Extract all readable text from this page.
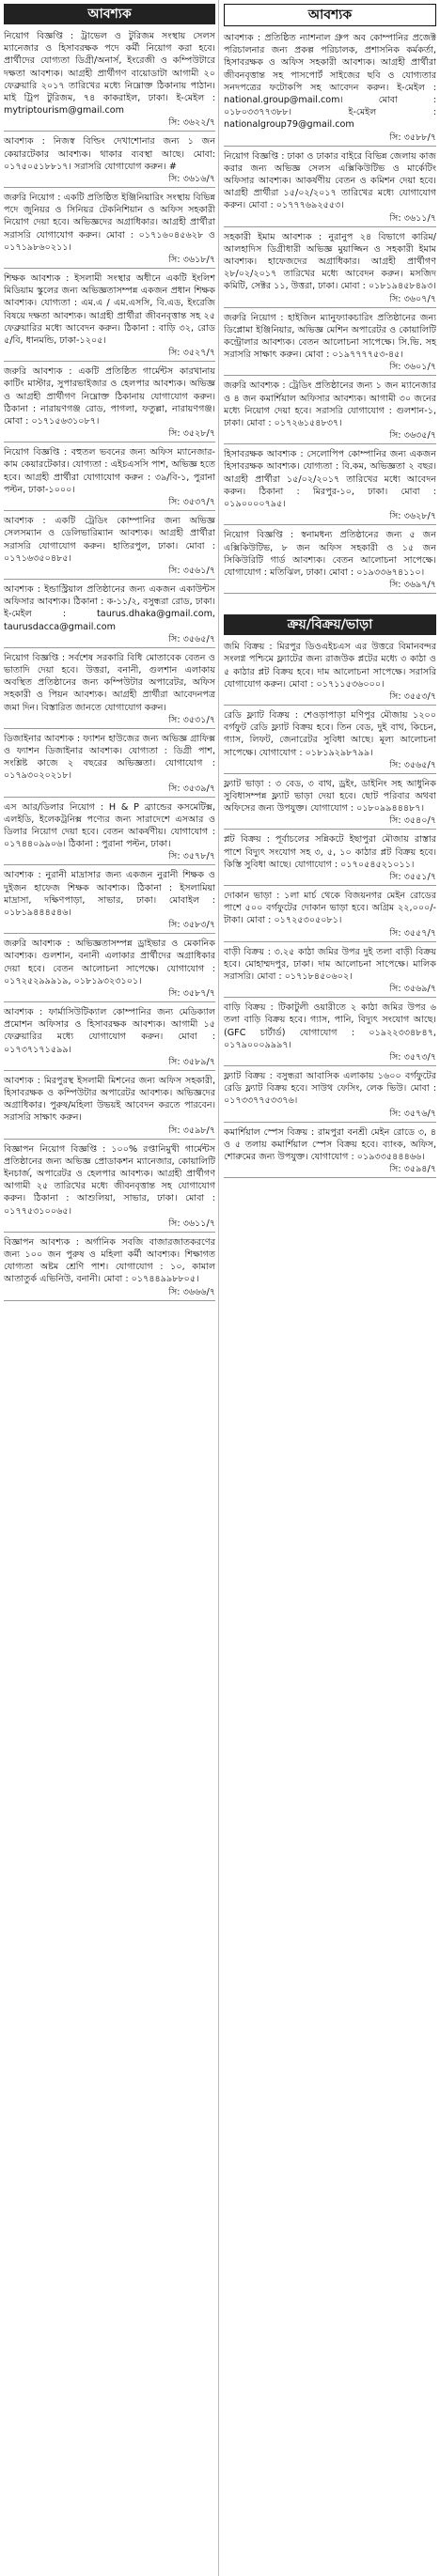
আবশ্যক
নিয়োগ বিজ্ঞপ্তি : ট্রাভেল ও টুরিজম সংস্থায় সেলস ম্যানেজার ও হিসাবরক্ষক পদে কর্মী নিয়োগ করা হবে। প্রার্থীদের যোগ্যতা ডিগ্রী/অনার্স, ইংরেজী ও কম্পিউটারে দক্ষতা আবশ্যক। আগ্রহী প্রার্থীগণ বায়োডাটা আগামী ২০ ফেব্রুয়ারি ২০১৭ তারিখের মধ্যে নিম্নোক্ত ঠিকানায় পাঠান। মাই ট্রিপ টুরিজম, ৭৪ কাকরাইল, ঢাকা। ই-মেইল : mytriptourism@gmail.com
সি: ৩৬২২/৭
আবশ্যক : নিজস্ব বিল্ডিং দেখাশোনার জন্য ১ জন কেয়ারটেকার আবশ্যক। থাকার ব্যবস্থা আছে। মোবা: ০১৭৫০৫১৮৮১৭। সরাসরি যোগাযোগ করুন। #
সি: ৩৬১৬/৭
জরুরি নিয়োগ : একটি প্রতিষ্ঠিত ইঞ্জিনিয়ারিং সংস্থায় বিভিন্ন পদে জুনিয়র ও সিনিয়র টেকনিশিয়ান ও অফিস সহকারী নিয়োগ দেয়া হবে। অভিজ্ঞদের অগ্রাধিকার। আগ্রহী প্রার্থীরা সরাসরি যোগাযোগ করুন। মোবা : ০১৭১৬০৪৫৬২৮ ও ০১৭১৯৮৬০২১১।
সি: ৩৬১৮/৭
শিক্ষক আবশ্যক : ইসলামী সংস্থার অধীনে একটি ইংলিশ মিডিয়াম স্কুলের জন্য অভিজ্ঞতাসম্পন্ন একজন প্রধান শিক্ষক আবশ্যক। যোগ্যতা : এম.এ / এম.এসসি, বি.এড, ইংরেজি বিষয়ে দক্ষতা আবশ্যক। আগ্রহী প্রার্থীরা জীবনবৃত্তান্ত সহ ২৫ ফেব্রুয়ারির মধ্যে আবেদন করুন। ঠিকানা : বাড়ি ৩২, রোড ৫/বি, ধানমন্ডি, ঢাকা-১২০৫।
সি: ৩৫২৭/৭
জরুরি আবশ্যক : একটি প্রতিষ্ঠিত গার্মেন্টস কারখানায় কাটিং মাস্টার, সুপারভাইজার ও হেলপার আবশ্যক। অভিজ্ঞ ও আগ্রহী প্রার্থীগণ নিম্নোক্ত ঠিকানায় যোগাযোগ করুন। ঠিকানা : নারায়ণগঞ্জ রোড, পাগলা, ফতুল্লা, নারায়ণগঞ্জ। মোবা : ০১৭১৫৬৩১০৮৭।
সি: ৩৫২৮/৭
নিয়োগ বিজ্ঞপ্তি : বহুতল ভবনের জন্য অফিস ম্যানেজার-কাম কেয়ারটেকার। যোগ্যতা : এইচএসসি পাশ, অভিজ্ঞ হতে হবে। আগ্রহী প্রার্থীরা যোগাযোগ করুন : ৩৯/বি-১, পুরানা পল্টন, ঢাকা-১০০০।
সি: ৩৫৩৭/৭
আবশ্যক : একটি ট্রেডিং কোম্পানির জন্য অভিজ্ঞ সেলসম্যান ও ডেলিভারিম্যান আবশ্যক। আগ্রহী প্রার্থীরা সরাসরি যোগাযোগ করুন। হাতিরপুল, ঢাকা। মোবা : ০১৭১৬৩৫০৪৮৫।
সি: ৩৫৬১/৭
আবশ্যক : ইন্ডাস্ট্রিয়াল প্রতিষ্ঠানের জন্য একজন একাউন্টস অফিসার আবশ্যক। ঠিকানা : ক-১১/২, বসুন্ধরা রোড, ঢাকা। ই-মেইল : taurus.dhaka@gmail.com, taurusdacca@gmail.com
সি: ৩৫৬৫/৭
নিয়োগ বিজ্ঞপ্তি : সর্বশেষ সরকারি বিধি মোতাবেক বেতন ও ভাতাদি দেয়া হবে। উত্তরা, বনানী, গুলশান এলাকায় অবস্থিত প্রতিষ্ঠানের জন্য কম্পিউটার অপারেটর, অফিস সহকারী ও পিয়ন আবশ্যক। আগ্রহী প্রার্থীরা আবেদনপত্র জমা দিন। বিস্তারিত জানতে যোগাযোগ করুন।
সি: ৩৫৩১/৭
ডিজাইনার আবশ্যক : ফ্যাশন হাউজের জন্য অভিজ্ঞ গ্রাফিক্স ও ফ্যাশন ডিজাইনার আবশ্যক। যোগ্যতা : ডিগ্রী পাশ, সংশ্লিষ্ট কাজে ২ বছরের অভিজ্ঞতা। যোগাযোগ : ০১৭৯৩০২০২১৮।
সি: ৩৫৩৯/৭
এস আর/ডিলার নিয়োগ : H & P ব্র্যান্ডের কসমেটিক্স, এলইডি, ইলেকট্রনিক্স পণ্যের জন্য সারাদেশে এসআর ও ডিলার নিয়োগ দেয়া হবে। বেতন আকর্ষণীয়। যোগাযোগ : ০১৭৪৪০৯৯০৬। ঠিকানা : পুরানা পল্টন, ঢাকা।
সি: ৩৫৭৮/৭
আবশ্যক : নুরানী মাদ্রাসার জন্য একজন নুরানী শিক্ষক ও দুইজন হাফেজ শিক্ষক আবশ্যক। ঠিকানা : ইসলামিয়া মাদ্রাসা, দক্ষিণপাড়া, সাভার, ঢাকা। মোবাইল : ০১৮১৯৪৪৪৫৪৬।
সি: ৩৫৮৩/৭
জরুরি আবশ্যক : অভিজ্ঞতাসম্পন্ন ড্রাইভার ও মেকানিক আবশ্যক। গুলশান, বনানী এলাকার প্রার্থীদের অগ্রাধিকার দেয়া হবে। বেতন আলোচনা সাপেক্ষে। যোগাযোগ : ০১৭২৫২৯৯৯১৯, ০১৮১৯৩২৩১০১।
সি: ৩৫৮৭/৭
আবশ্যক : ফার্মাসিউটিক্যাল কোম্পানির জন্য মেডিক্যাল প্রমোশন অফিসার ও হিসাবরক্ষক আবশ্যক। আগামী ১৫ ফেব্রুয়ারির মধ্যে যোগাযোগ করুন। মোবা : ০১৭৩৭১৭১৫৯৯।
সি: ৩৫৮৯/৭
আবশ্যক : মিরপুরস্থ ইসলামী মিশনের জন্য অফিস সহকারী, হিসাবরক্ষক ও কম্পিউটার অপারেটর আবশ্যক। অভিজ্ঞদের অগ্রাধিকার। পুরুষ/মহিলা উভয়ই আবেদন করতে পারবেন। সরাসরি সাক্ষাৎ করুন।
সি: ৩৫৯৮/৭
বিজ্ঞাপন নিয়োগ বিজ্ঞপ্তি : ১০০% রপ্তানিমুখী গার্মেন্টস প্রতিষ্ঠানের জন্য অভিজ্ঞ প্রোডাকশন ম্যানেজার, কোয়ালিটি ইনচার্জ, অপারেটর ও হেলপার আবশ্যক। আগ্রহী প্রার্থীগণ আগামী ২৫ তারিখের মধ্যে জীবনবৃত্তান্ত সহ যোগাযোগ করুন। ঠিকানা : আশুলিয়া, সাভার, ঢাকা। মোবা : ০১৭৭৫৩১০০৬৫।
সি: ৩৬১১/৭
বিজ্ঞাপন আবশ্যক : অর্গানিক সবজি বাজারজাতকরণের জন্য ১০০ জন পুরুষ ও মহিলা কর্মী আবশ্যক। শিক্ষাগত যোগ্যতা অষ্টম শ্রেণি পাশ। যোগাযোগ : ১০, কামাল আতাতুর্ক এভিনিউ, বনানী। মোবা : ০১৭৪৪৯৯৮৮০৫।
সি: ৩৬৬৬/৭
আবশ্যক
আবশ্যক : প্রতিষ্ঠিত ন্যাশনাল গ্রুপ অব কোম্পানির প্রজেক্ট পরিচালনার জন্য প্রকল্প পরিচালক, প্রশাসনিক কর্মকর্তা, হিসাবরক্ষক ও অফিস সহকারী আবশ্যক। আগ্রহী প্রার্থীরা জীবনবৃত্তান্ত সহ পাসপোর্ট সাইজের ছবি ও যোগ্যতার সনদপত্রের ফটোকপি সহ আবেদন করুন। ই-মেইল : national.group@mail.com। মোবা : ০১৮০৩৩৭৭৩৮৮। ই-মেইল : nationalgroup79@gmail.com
সি: ৩৫৮৮/৭
নিয়োগ বিজ্ঞপ্তি : ঢাকা ও ঢাকার বাইরে বিভিন্ন জেলায় কাজ করার জন্য অভিজ্ঞ সেলস এক্সিকিউটিভ ও মার্কেটিং অফিসার আবশ্যক। আকর্ষণীয় বেতন ও কমিশন দেয়া হবে। আগ্রহী প্রার্থীরা ১৫/০২/২০১৭ তারিখের মধ্যে যোগাযোগ করুন। মোবা : ০১৭৭৭৬৯২৫৫৩।
সি: ৩৬১১/৭
সহকারী ইমাম আবশ্যক : নুরানুপ ২৪ বিভাগে কারিম/আলহাদিস ডিগ্রীধারী অভিজ্ঞ মুয়াজ্জিন ও সহকারী ইমাম আবশ্যক। হাফেজদের অগ্রাধিকার। আগ্রহী প্রার্থীগণ ২৮/০২/২০১৭ তারিখের মধ্যে আবেদন করুন। মসজিদ কমিটি, সেক্টর ১১, উত্তরা, ঢাকা। মোবা : ০১৮১৯৪৫৮৪৯৩।
সি: ৩৬০৭/৭
জরুরি নিয়োগ : হাইজিন ম্যানুফ্যাকচারিং প্রতিষ্ঠানের জন্য ডিপ্লোমা ইঞ্জিনিয়ার, অভিজ্ঞ মেশিন অপারেটর ও কোয়ালিটি কন্ট্রোলার আবশ্যক। বেতন আলোচনা সাপেক্ষে। সি.ভি. সহ সরাসরি সাক্ষাৎ করুন। মোবা : ০১৯৭৭৭৭৫৩-৪৫।
সি: ৩৬০১/৭
জরুরি আবশ্যক : ট্রেডিং প্রতিষ্ঠানের জন্য ১ জন ম্যানেজার ও ৪ জন কমার্শিয়াল অফিসার আবশ্যক। আগামী ৩০ জনের মধ্যে নিয়োগ দেয়া হবে। সরাসরি যোগাযোগ : গুলশান-১, ঢাকা। মোবা : ০১৭২৬১৫৪৮৩৭।
সি: ৩৬৩৫/৭
হিসাবরক্ষক আবশ্যক : সেলোপিপ কোম্পানির জন্য একজন হিসাবরক্ষক আবশ্যক। যোগ্যতা : বি.কম, অভিজ্ঞতা ২ বছর। আগ্রহী প্রার্থীরা ১৫/০২/২০১৭ তারিখের মধ্যে আবেদন করুন। ঠিকানা : মিরপুর-১০, ঢাকা। মোবা : ০১৯০০০০৭৯৫।
সি: ৩৬২৮/৭
নিয়োগ বিজ্ঞপ্তি : স্বনামধন্য প্রতিষ্ঠানের জন্য ৫ জন এক্সিকিউটিভ, ৮ জন অফিস সহকারী ও ১৫ জন সিকিউরিটি গার্ড আবশ্যক। বেতন আলোচনা সাপেক্ষে। যোগাযোগ : মতিঝিল, ঢাকা। মোবা : ০১৯৩৩৬৭৪১১০।
সি: ৩৬৯৭/৭
ক্রয়/বিক্রয়/ভাড়া
জমি বিক্রয় : মিরপুর ডিওএইচএস এর উত্তরে বিমানবন্দর সংলগ্ন পশ্চিমে ফ্ল্যাটের জন্য রাজউক প্লটের মধ্যে ৩ কাঠা ও ৫ কাঠার প্লট বিক্রয় হবে। দাম আলোচনা সাপেক্ষে। সরাসরি যোগাযোগ করুন। মোবা : ০১৭১১৫৩৬০০০।
সি: ৩৫৫৩/৭
রেডি ফ্ল্যাট বিক্রয় : শেওড়াপাড়া মণিপুর মৌজায় ১২০০ বর্গফুট রেডি ফ্ল্যাট বিক্রয় হবে। তিন বেড, দুই বাথ, কিচেন, গ্যাস, লিফট, জেনারেটর সুবিধা আছে। মূল্য আলোচনা সাপেক্ষে। যোগাযোগ : ০১৮১৯২৯৮৭৯৯।
সি: ৩৫৬৫/৭
ফ্ল্যাট ভাড়া : ৩ বেড, ৩ বাথ, ড্রইং, ডাইনিং সহ আধুনিক সুবিধাসম্পন্ন ফ্ল্যাট ভাড়া দেয়া হবে। ছোট পরিবার অথবা অফিসের জন্য উপযুক্ত। যোগাযোগ : ০১৮০৯৯৪৪৪৮৭।
সি: ৩৫৪০/৭
প্লট বিক্রয় : পূর্বাচলের সন্নিকটে ইছাপুরা মৌজায় রাস্তার পাশে বিদ্যুৎ সংযোগ সহ ৩, ৫, ১০ কাঠার প্লট বিক্রয় হবে। কিস্তি সুবিধা আছে। যোগাযোগ : ০১৭০৫৪৫২১০১১।
সি: ৩৫৫১/৭
দোকান ভাড়া : ১লা মার্চ থেকে বিজয়নগর মেইন রোডের পাশে ৫০০ বর্গফুটের দোকান ভাড়া হবে। অগ্রিম ২২,০০০/- টাকা। মোবা : ০১৭২৫৩০৫০৮১।
সি: ৩৫৫৭/৭
বাড়ী বিক্রয় : ৩.২৫ কাঠা জমির উপর দুই তলা বাড়ী বিক্রয় হবে। মোহাম্মদপুর, ঢাকা। দাম আলোচনা সাপেক্ষে। মালিক সরাসরি। মোবা : ০১৭১৮৪৫০৬০২।
সি: ৩৫৬৯/৭
বাড়ি বিক্রয় : টিকাটুলী ওয়ারীতে ২ কাঠা জমির উপর ৬ তলা বাড়ি বিক্রয় হবে। গ্যাস, পানি, বিদ্যুৎ সংযোগ আছে। (GFC চার্টার্ড) যোগাযোগ : ০১৯২২৩৩৪৮৪৭, ০১৭৯০০০৯৯৯৭।
সি: ৩৫৭৩/৭
ফ্ল্যাট বিক্রয় : বসুন্ধরা আবাসিক এলাকায় ১৬০০ বর্গফুটের রেডি ফ্ল্যাট বিক্রয় হবে। সাউথ ফেসিং, লেক ভিউ। মোবা : ০১৭৩৩৭৭৫৩৩৭৬।
সি: ৩৫৭৬/৭
কমার্শিয়াল স্পেস বিক্রয় : রামপুরা বনশ্রী মেইন রোডে ৩, ৪ ও ৫ তলায় কমার্শিয়াল স্পেস বিক্রয় হবে। ব্যাংক, অফিস, শোরুমের জন্য উপযুক্ত। যোগাযোগ : ০১৯৩৩৫৪৪৪৬৬।
সি: ৩৫৯৪/৭
